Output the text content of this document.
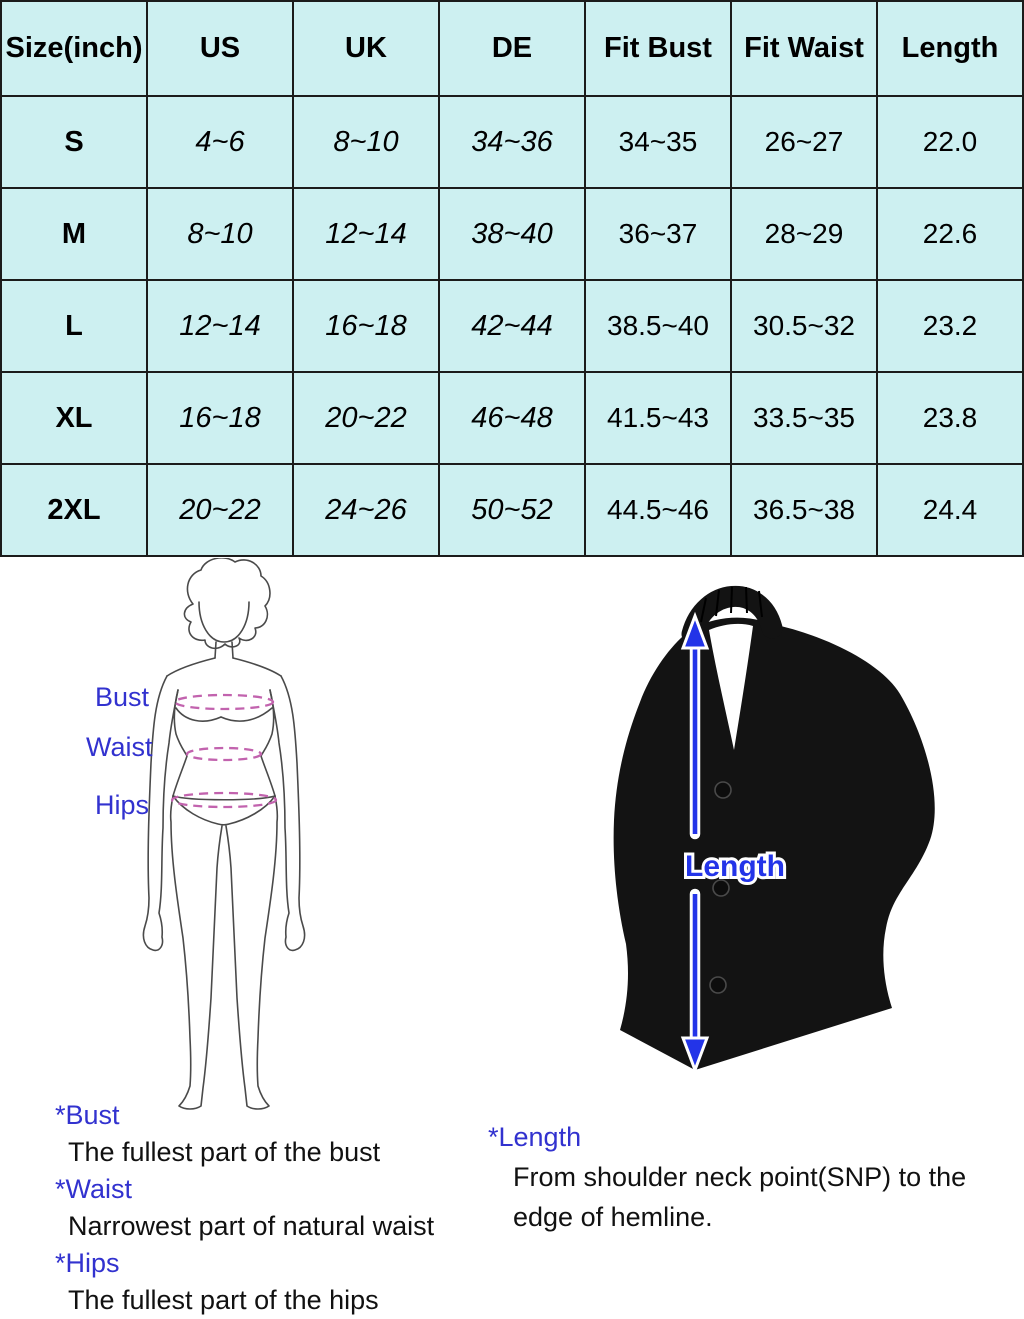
Size(inch)	US	UK	DE	Fit Bust	Fit Waist	Length
S	4~6	8~10	34~36	34~35	26~27	22.0
M	8~10	12~14	38~40	36~37	28~29	22.6
L	12~14	16~18	42~44	38.5~40	30.5~32	23.2
XL	16~18	20~22	46~48	41.5~43	33.5~35	23.8
2XL	20~22	24~26	50~52	44.5~46	36.5~38	24.4
Bust
Waist
Hips
Length
*Bust
The fullest part of the bust
*Waist
Narrowest part of natural waist
*Hips
The fullest part of the hips
*Length
From shoulder neck point(SNP) to the edge of hemline.
